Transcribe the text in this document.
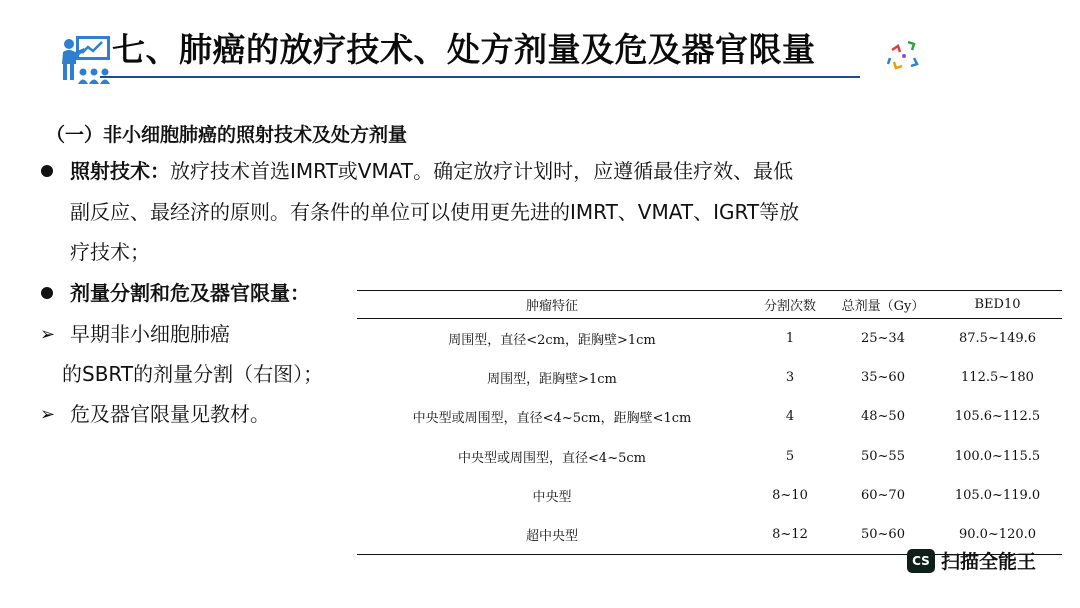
七、肺癌的放疗技术、处方剂量及危及器官限量
（一）非小细胞肺癌的照射技术及处方剂量
照射技术：放疗技术首选IMRT或VMAT。确定放疗计划时，应遵循最佳疗效、最低
副反应、最经济的原则。有条件的单位可以使用更先进的IMRT、VMAT、IGRT等放
疗技术；
剂量分割和危及器官限量：
➢ 早期非小细胞肺癌
的SBRT的剂量分割（右图）；
➢ 危及器官限量见教材。
肿瘤特征	分割次数	总剂量（Gy）	BED10
周围型，直径<2cm，距胸壁>1cm	1	25~34	87.5~149.6
周围型，距胸壁>1cm	3	35~60	112.5~180
中央型或周围型，直径<4~5cm，距胸壁<1cm	4	48~50	105.6~112.5
中央型或周围型，直径<4~5cm	5	50~55	100.0~115.5
中央型	8~10	60~70	105.0~119.0
超中央型	8~12	50~60	90.0~120.0
CS 扫描全能王
